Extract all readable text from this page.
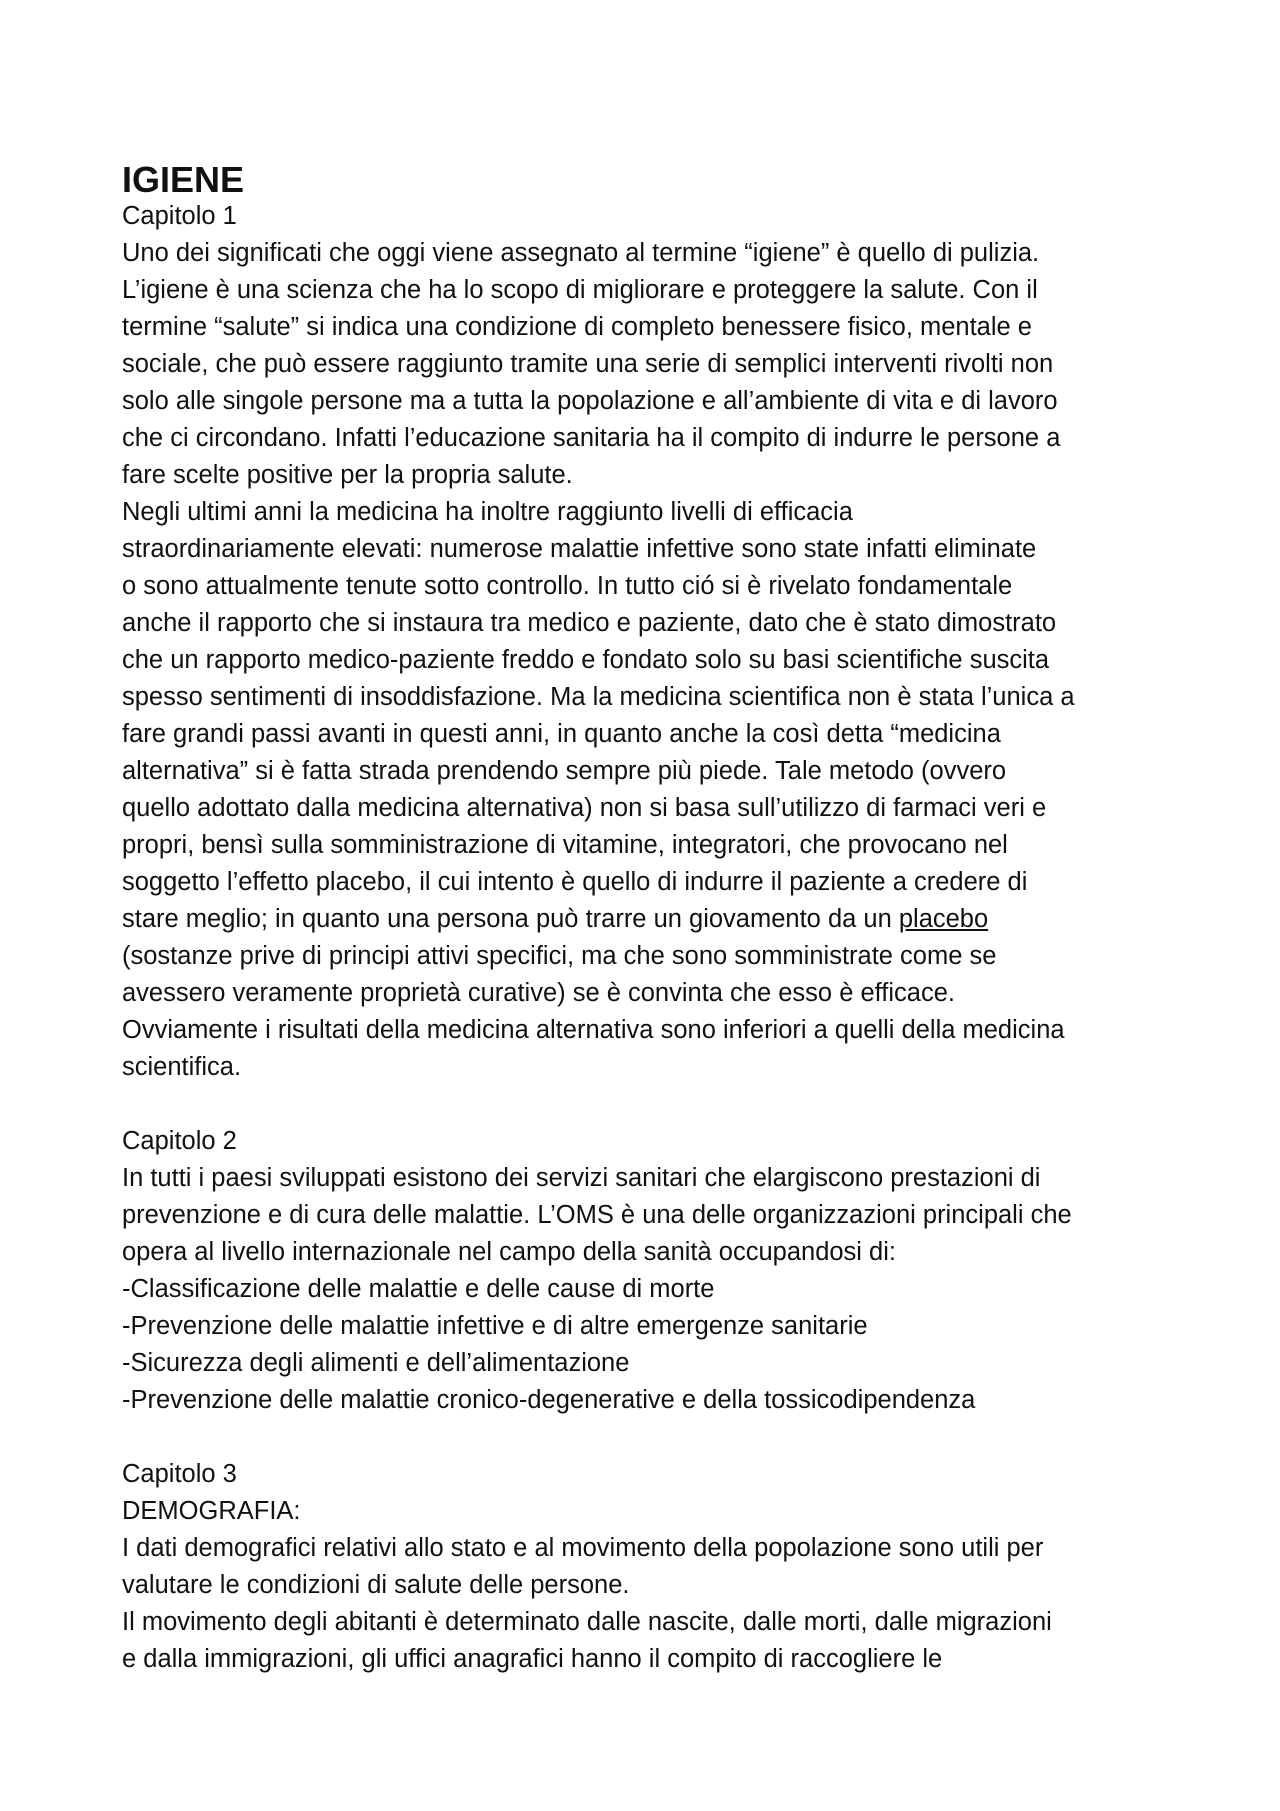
IGIENE
Capitolo 1
Uno dei significati che oggi viene assegnato al termine “igiene” è quello di pulizia.
L’igiene è una scienza che ha lo scopo di migliorare e proteggere la salute. Con il
termine “salute” si indica una condizione di completo benessere fisico, mentale e
sociale, che può essere raggiunto tramite una serie di semplici interventi rivolti non
solo alle singole persone ma a tutta la popolazione e all’ambiente di vita e di lavoro
che ci circondano. Infatti l’educazione sanitaria ha il compito di indurre le persone a
fare scelte positive per la propria salute.
Negli ultimi anni la medicina ha inoltre raggiunto livelli di efficacia
straordinariamente elevati: numerose malattie infettive sono state infatti eliminate
o sono attualmente tenute sotto controllo. In tutto ció si è rivelato fondamentale
anche il rapporto che si instaura tra medico e paziente, dato che è stato dimostrato
che un rapporto medico-paziente freddo e fondato solo su basi scientifiche suscita
spesso sentimenti di insoddisfazione. Ma la medicina scientifica non è stata l’unica a
fare grandi passi avanti in questi anni, in quanto anche la così detta “medicina
alternativa” si è fatta strada prendendo sempre più piede. Tale metodo (ovvero
quello adottato dalla medicina alternativa) non si basa sull’utilizzo di farmaci veri e
propri, bensì sulla somministrazione di vitamine, integratori, che provocano nel
soggetto l’effetto placebo, il cui intento è quello di indurre il paziente a credere di
stare meglio; in quanto una persona può trarre un giovamento da un placebo
(sostanze prive di principi attivi specifici, ma che sono somministrate come se
avessero veramente proprietà curative) se è convinta che esso è efficace.
Ovviamente i risultati della medicina alternativa sono inferiori a quelli della medicina
scientifica.
Capitolo 2
In tutti i paesi sviluppati esistono dei servizi sanitari che elargiscono prestazioni di
prevenzione e di cura delle malattie. L’OMS è una delle organizzazioni principali che
opera al livello internazionale nel campo della sanità occupandosi di:
-Classificazione delle malattie e delle cause di morte
-Prevenzione delle malattie infettive e di altre emergenze sanitarie
-Sicurezza degli alimenti e dell’alimentazione
-Prevenzione delle malattie cronico-degenerative e della tossicodipendenza
Capitolo 3
DEMOGRAFIA:
I dati demografici relativi allo stato e al movimento della popolazione sono utili per
valutare le condizioni di salute delle persone.
Il movimento degli abitanti è determinato dalle nascite, dalle morti, dalle migrazioni
e dalla immigrazioni, gli uffici anagrafici hanno il compito di raccogliere le
